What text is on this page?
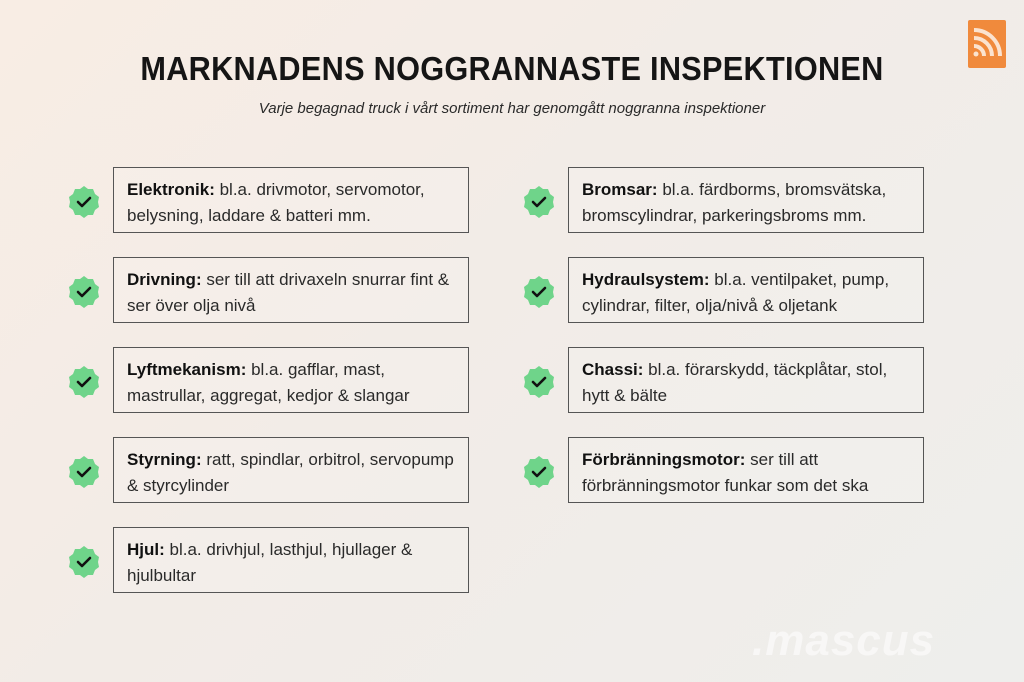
MARKNADENS NOGGRANNASTE INSPEKTIONEN
Varje begagnad truck i vårt sortiment har genomgått noggranna inspektioner
Elektronik: bl.a. drivmotor, servomotor, belysning, laddare & batteri mm.
Drivning: ser till att drivaxeln snurrar fint & ser över olja nivå
Lyftmekanism: bl.a. gafflar, mast, mastrullar, aggregat, kedjor & slangar
Styrning: ratt, spindlar, orbitrol, servopump & styrcylinder
Hjul: bl.a. drivhjul, lasthjul, hjullager & hjulbultar
Bromsar: bl.a. färdborms, bromsvätska, bromscylindrar, parkeringsbroms mm.
Hydraulsystem: bl.a. ventilpaket, pump, cylindrar, filter, olja/nivå & oljetank
Chassi: bl.a. förarskydd, täckplåtar, stol, hytt & bälte
Förbränningsmotor: ser till att förbränningsmotor funkar som det ska
.mascus
